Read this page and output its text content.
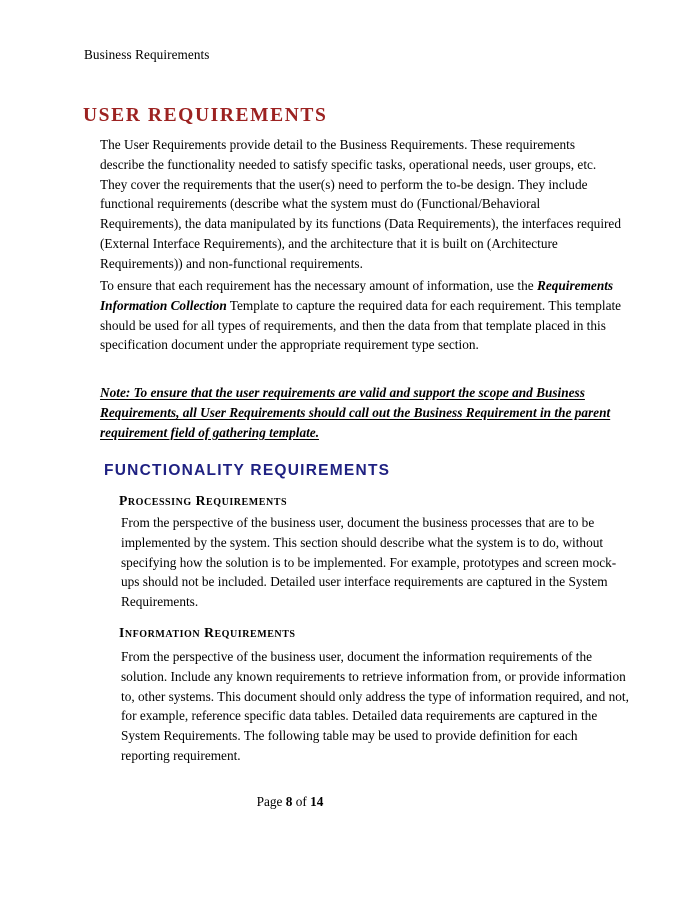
Business Requirements
USER REQUIREMENTS

The User Requirements provide detail to the Business Requirements. These requirements describe the functionality needed to satisfy specific tasks, operational needs, user groups, etc. They cover the requirements that the user(s) need to perform the to-be design. They include functional requirements (describe what the system must do (Functional/Behavioral Requirements), the data manipulated by its functions (Data Requirements), the interfaces required (External Interface Requirements), and the architecture that it is built on (Architecture Requirements)) and non-functional requirements.

To ensure that each requirement has the necessary amount of information, use the Requirements Information Collection Template to capture the required data for each requirement. This template should be used for all types of requirements, and then the data from that template placed in this specification document under the appropriate requirement type section.

Note: To ensure that the user requirements are valid and support the scope and Business Requirements, all User Requirements should call out the Business Requirement in the parent requirement field of gathering template.

FUNCTIONALITY REQUIREMENTS
Processing Requirements

From the perspective of the business user, document the business processes that are to be implemented by the system. This section should describe what the system is to do, without specifying how the solution is to be implemented. For example, prototypes and screen mock-ups should not be included. Detailed user interface requirements are captured in the System Requirements.

Information Requirements

From the perspective of the business user, document the information requirements of the solution. Include any known requirements to retrieve information from, or provide information to, other systems. This document should only address the type of information required, and not, for example, reference specific data tables. Detailed data requirements are captured in the System Requirements. The following table may be used to provide definition for each reporting requirement.

Page 8 of 14
